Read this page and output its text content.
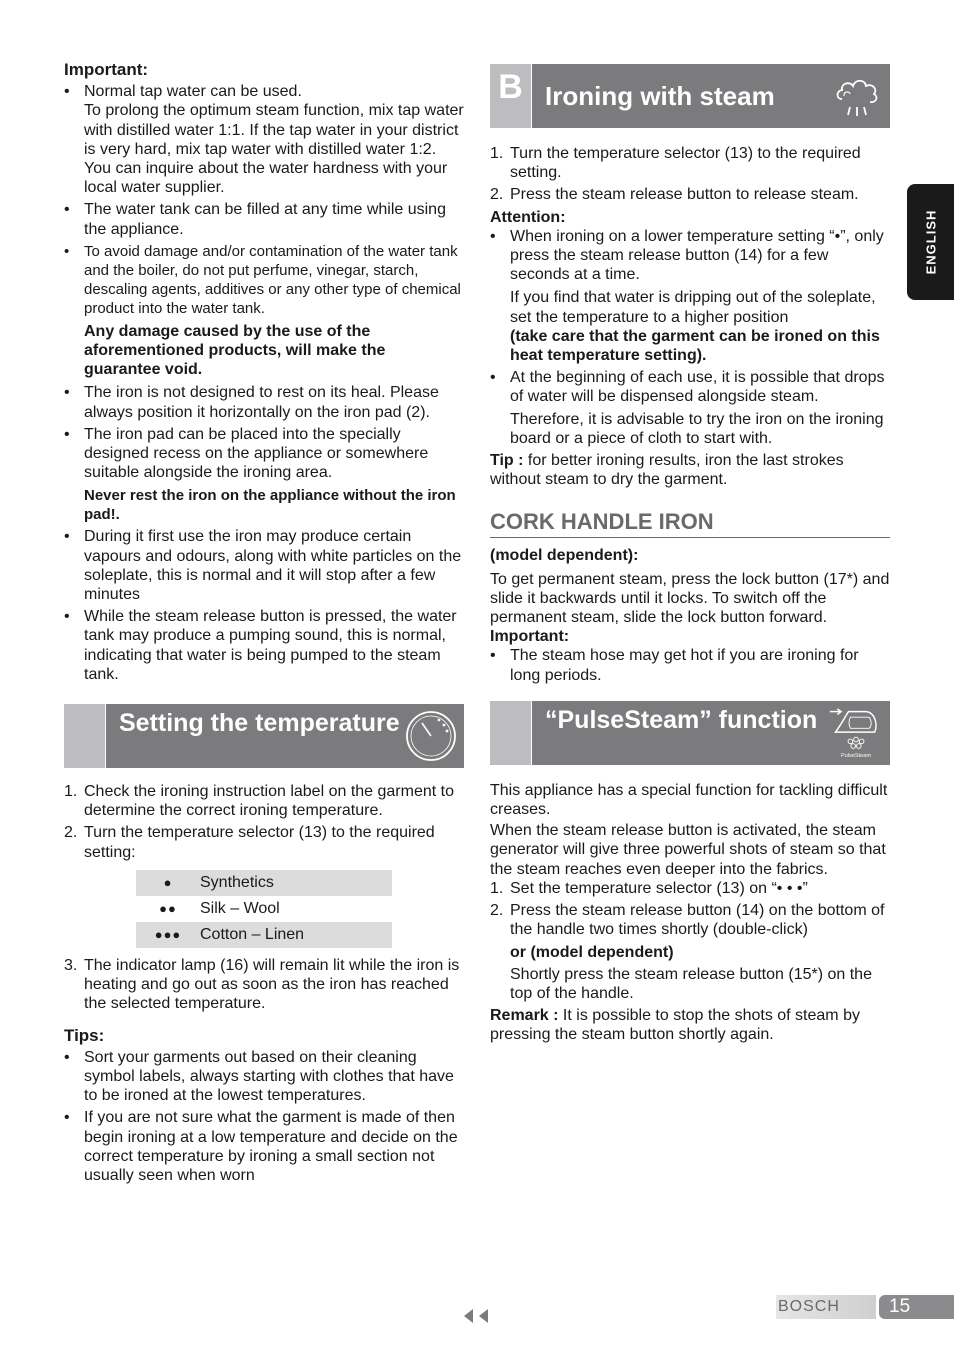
Important:
• Normal tap water can be used.
To prolong the optimum steam function, mix tap water with distilled water 1:1. If the tap water in your district is very hard, mix tap water with distilled water 1:2.
You can inquire about the water hardness with your local water supplier.
• The water tank can be filled at any time while using the appliance.
• To avoid damage and/or contamination of the water tank and the boiler, do not put perfume, vinegar, starch, descaling agents, additives or any other type of chemical product into the water tank.
Any damage caused by the use of the aforementioned products, will make the guarantee void.
• The iron is not designed to rest on its heal. Please always position it horizontally on the iron pad (2).
• The iron pad can be placed into the specially designed recess on the appliance or somewhere suitable alongside the ironing area.
Never rest the iron on the appliance without the iron pad!.
• During it first use the iron may produce certain vapours and odours, along with white particles on the soleplate, this is normal and it will stop after a few minutes
• While the steam release button is pressed, the water tank may produce a pumping sound, this is normal, indicating that water is being pumped to the steam tank.
Setting the temperature
1. Check the ironing instruction label on the garment to determine the correct ironing temperature.
2. Turn the temperature selector (13) to the required setting:
●	Synthetics
●●	Silk – Wool
●●●	Cotton – Linen
3. The indicator lamp (16) will remain lit while the iron is heating and go out as soon as the iron has reached the selected temperature.
Tips:
• Sort your garments out based on their cleaning symbol labels, always starting with clothes that have to be ironed at the lowest temperatures.
• If you are not sure what the garment is made of then begin ironing at a low temperature and decide on the correct temperature by ironing a small section not usually seen when worn
B Ironing with steam
1. Turn the temperature selector (13) to the required setting.
2. Press the steam release button to release steam.
Attention:
• When ironing on a lower temperature setting “•”, only press the steam release button (14) for a few seconds at a time.
If you find that water is dripping out of the soleplate, set the temperature to a higher position
(take care that the garment can be ironed on this heat temperature setting).
• At the beginning of each use, it is possible that drops of water will be dispensed alongside steam.
Therefore, it is advisable to try the iron on the ironing board or a piece of cloth to start with.
Tip : for better ironing results, iron the last strokes without steam to dry the garment.
CORK HANDLE IRON
(model dependent):
To get permanent steam, press the lock button (17*) and slide it backwards until it locks. To switch off the permanent steam, slide the lock button forward.
Important:
• The steam hose may get hot if you are ironing for long periods.
“PulseSteam” function
PulseSteam
This appliance has a special function for tackling difficult creases.
When the steam release button is activated, the steam generator will give three powerful shots of steam so that the steam reaches even deeper into the fabrics.
1. Set the temperature selector (13) on “• • •”
2. Press the steam release button (14) on the bottom of the handle two times shortly (double-click)
or (model dependent)
Shortly press the steam release button (15*) on the top of the handle.
Remark : It is possible to stop the shots of steam by pressing the steam button shortly again.
ENGLISH
BOSCH	15
